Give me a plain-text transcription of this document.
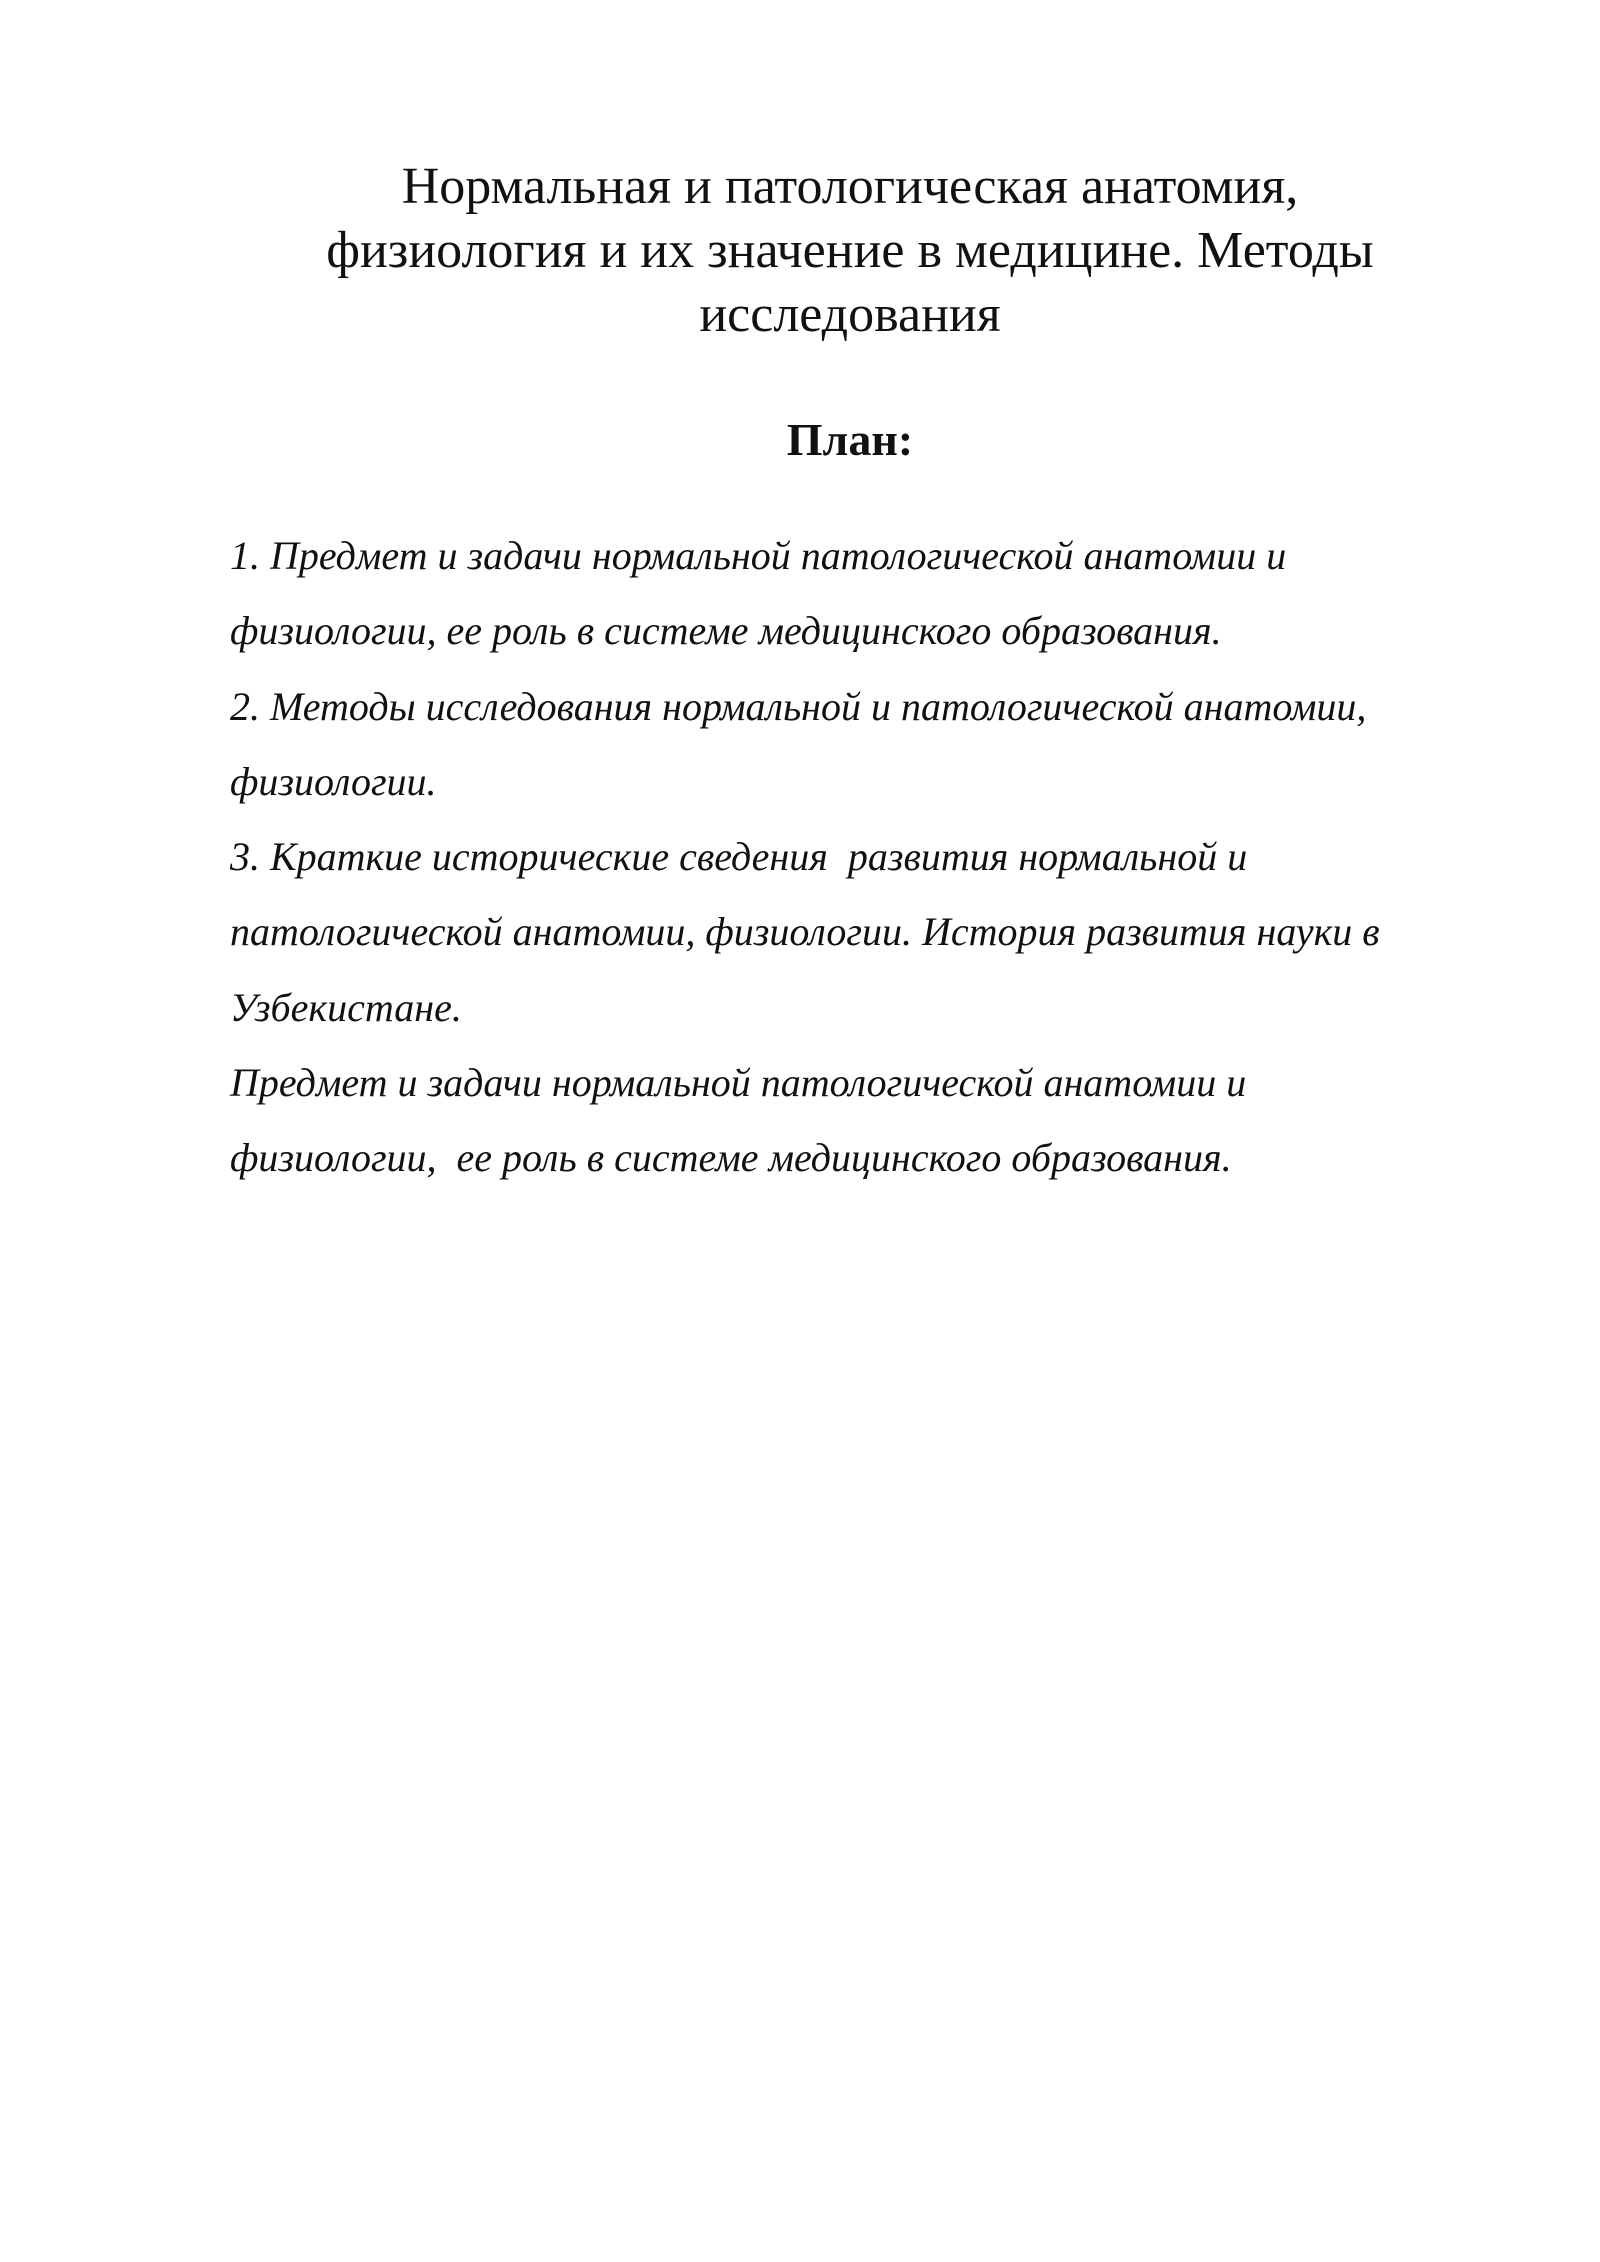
Нормальная и патологическая анатомия,
физиология и их значение в медицине. Методы
исследования
План:
1. Предмет и задачи нормальной патологической анатомии и
физиологии, ее роль в системе медицинского образования.
2. Методы исследования нормальной и патологической анатомии,
физиологии.
3. Краткие исторические сведения  развития нормальной и
патологической анатомии, физиологии. История развития науки в
Узбекистане.
Предмет и задачи нормальной патологической анатомии и
физиологии,  ее роль в системе медицинского образования.
